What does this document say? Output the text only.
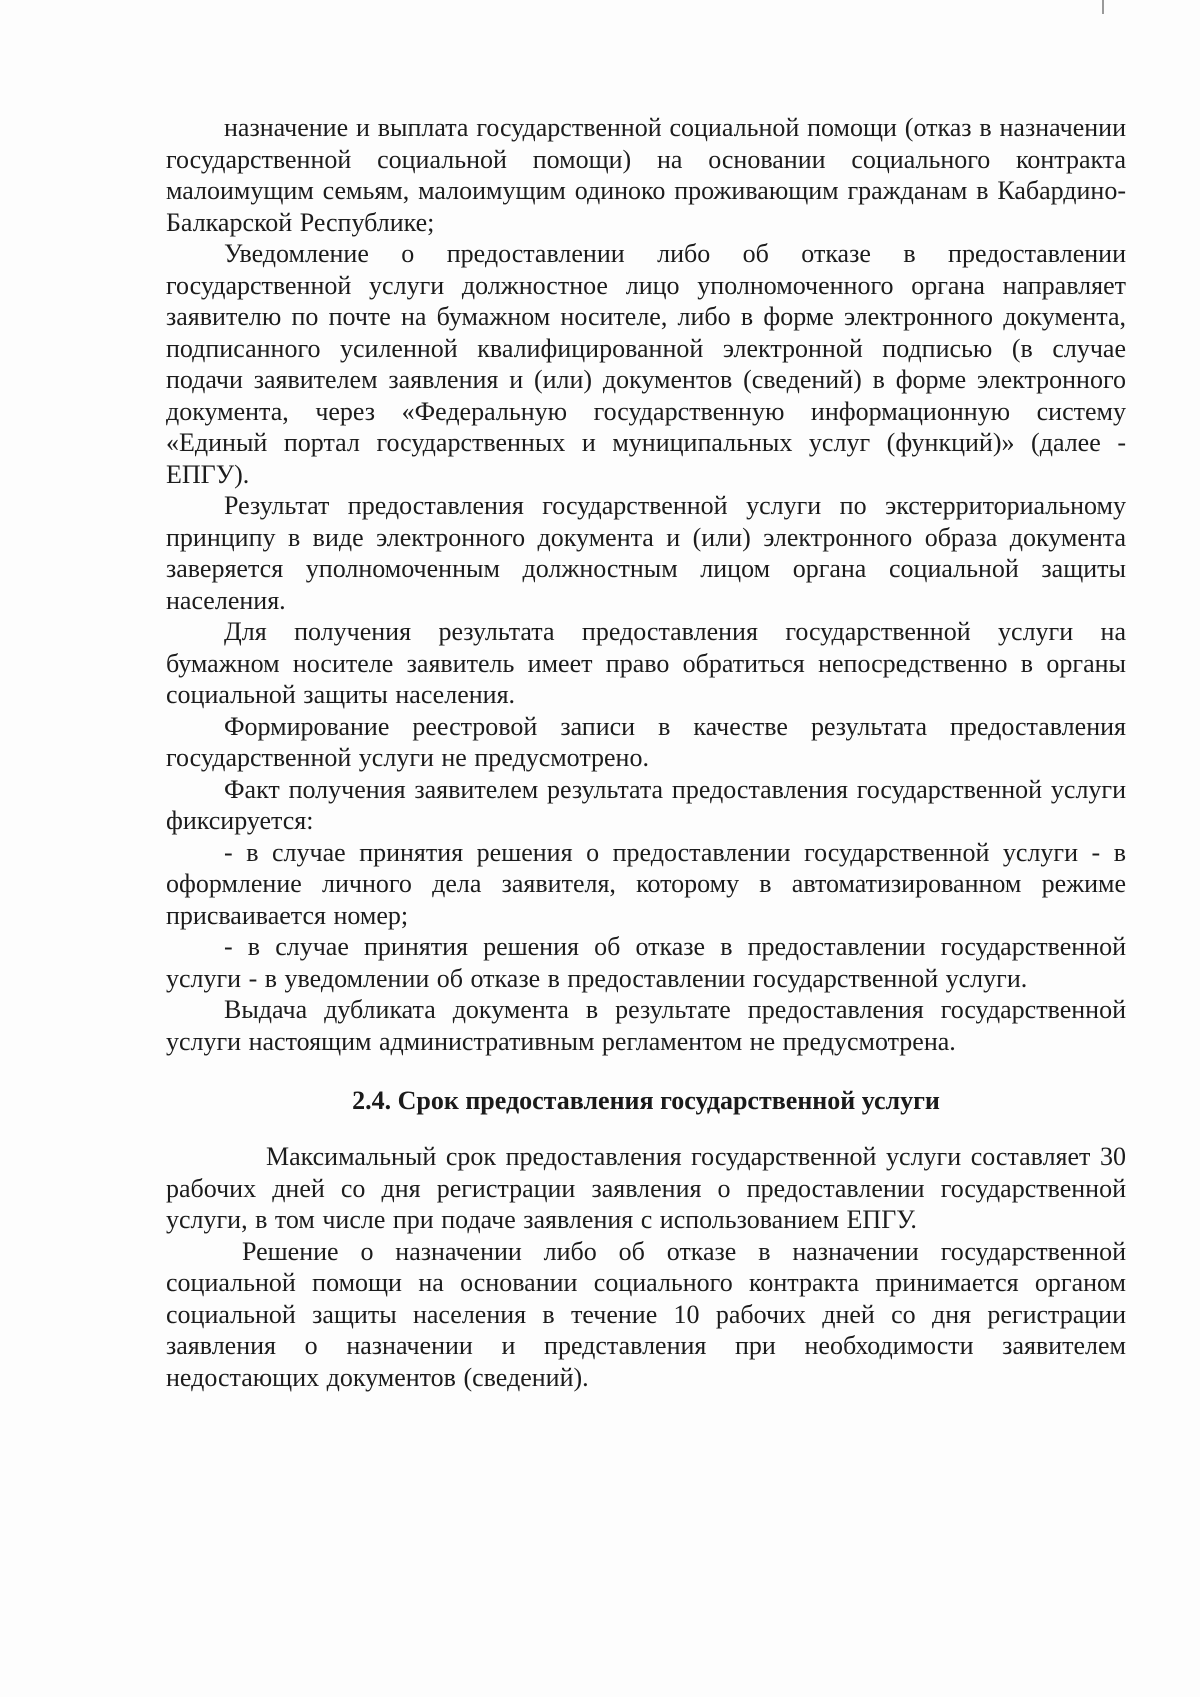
назначение и выплата государственной социальной помощи (отказ в назначении государственной социальной помощи) на основании социального контракта малоимущим семьям, малоимущим одиноко проживающим гражданам в Кабардино-Балкарской Республике;

Уведомление о предоставлении либо об отказе в предоставлении государственной услуги должностное лицо уполномоченного органа направляет заявителю по почте на бумажном носителе, либо в форме электронного документа, подписанного усиленной квалифицированной электронной подписью (в случае подачи заявителем заявления и (или) документов (сведений) в форме электронного документа, через «Федеральную государственную информационную систему «Единый портал государственных и муниципальных услуг (функций)» (далее - ЕПГУ).

Результат предоставления государственной услуги по экстерриториальному принципу в виде электронного документа и (или) электронного образа документа заверяется уполномоченным должностным лицом органа социальной защиты населения.

Для получения результата предоставления государственной услуги на бумажном носителе заявитель имеет право обратиться непосредственно в органы социальной защиты населения.

Формирование реестровой записи в качестве результата предоставления государственной услуги не предусмотрено.

Факт получения заявителем результата предоставления государственной услуги фиксируется:

- в случае принятия решения о предоставлении государственной услуги - в оформление личного дела заявителя, которому в автоматизированном режиме присваивается номер;

- в случае принятия решения об отказе в предоставлении государственной услуги - в уведомлении об отказе в предоставлении государственной услуги.

Выдача дубликата документа в результате предоставления государственной услуги настоящим административным регламентом не предусмотрена.

2.4. Срок предоставления государственной услуги

Максимальный срок предоставления государственной услуги составляет 30 рабочих дней со дня регистрации заявления о предоставлении государственной услуги, в том числе при подаче заявления с использованием ЕПГУ.

Решение о назначении либо об отказе в назначении государственной социальной помощи на основании социального контракта принимается органом социальной защиты населения в течение 10 рабочих дней со дня регистрации заявления о назначении и представления при необходимости заявителем недостающих документов (сведений).
